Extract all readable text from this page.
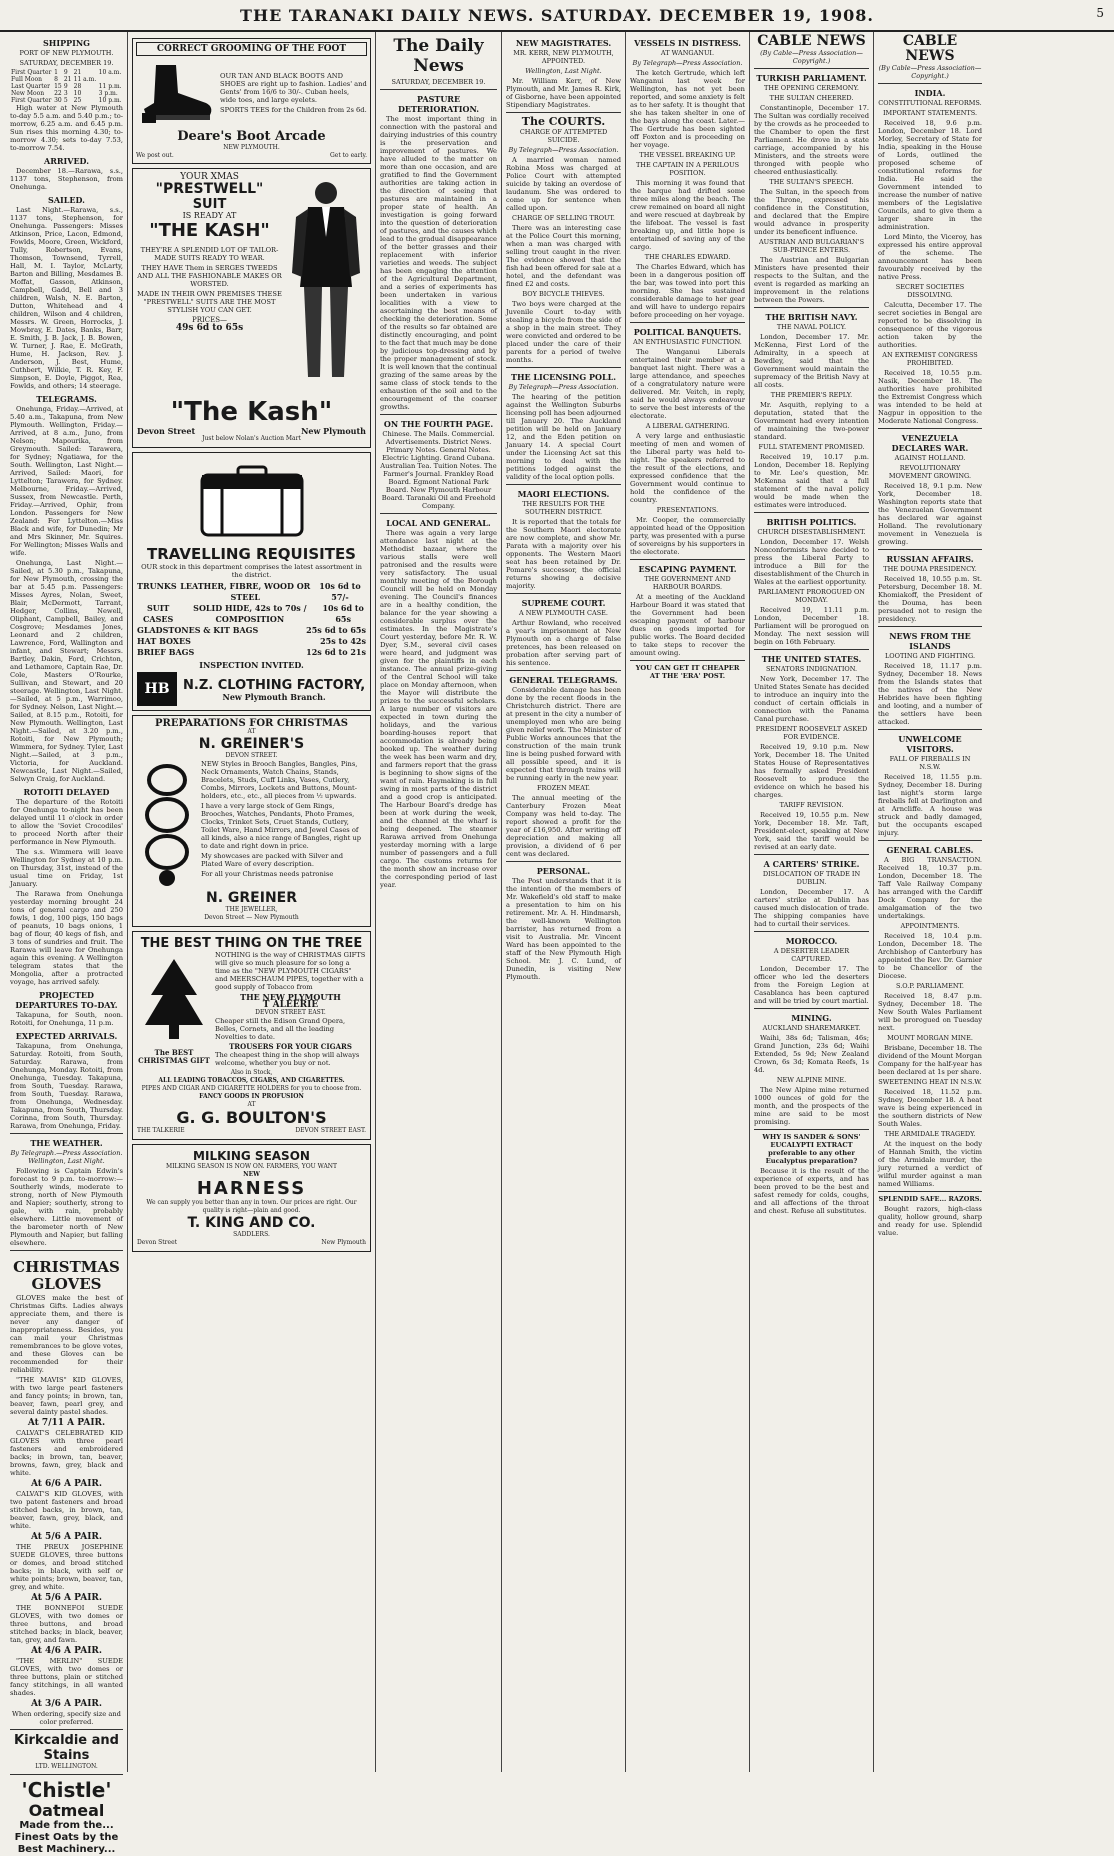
THE TARANAKI DAILY NEWS. SATURDAY. DECEMBER 19, 1908.	5
SHIPPING
PORT OF NEW PLYMOUTH.
SATURDAY, DECEMBER 19.
First Quarter	1	9	21	10 a.m.
Full Moon	8	21	11 a.m.	
Last Quarter	15	9	28	11 p.m.
New Moon	22	3	10	3 p.m.
First Quarter	30	5	25	10 p.m.

High water at New Plymouth to-day 5.5 a.m. and 5.40 p.m.; to-morrow, 6.25 a.m. and 6.45 p.m. Sun rises this morning 4.30; to-morrow 4.30; sets to-day 7.53, to-morrow 7.54.

ARRIVED.

December 18.—Rarawa, s.s., 1137 tons, Stephenson, from Onehunga.

SAILED.

Last Night.—Rarawa, s.s., 1137 tons, Stephenson, for Onehunga. Passengers: Misses Atkinson, Price, Lacon, Edmond, Fowlds, Moore, Green, Wickford, Tully, Robertson, Evans, Thomson, Townsend, Tyrrell, Hall, M. I. Taylor, McLarty, Barton and Billing, Mesdames B. Moffat, Gasson, Atkinson, Campbell, Gadd, Bell and 3 children, Walsh, N. E. Barton, Dutton, Whitehead and 4 children, Wilson and 4 children, Messrs. W. Green, Horrocks, J. Mowbray, E. Dates, Banks, Barr, E. Smith, J. B. Jack, J. B. Bowen, W. Turner, J. Rae, E. McGrath, Hume, H. Jackson, Rev. J. Anderson, J. Best, Hume, Cuthbert, Wilkie, T. R. Key, F. Simpson, E. Doyle, Piggot, Rea, Fowlds, and others; 14 steerage.

TELEGRAMS.

Onehunga, Friday.—Arrived, at 5.40 a.m., Takapuna, from New Plymouth. Wellington, Friday.—Arrived, at 8 a.m., Juno, from Nelson; Mapourika, from Greymouth. Sailed: Tarawera, for Sydney; Ngatiawa, for the South. Wellington, Last Night.—Arrived, Sailed: Maori, for Lyttelton; Tarawera, for Sydney. Melbourne, Friday.—Arrived, Sussex, from Newcastle. Perth, Friday.—Arrived, Ophir, from London. Passengers for New Zealand: For Lyttelton.—Miss Black and wife, for Dunedin; Mr and Mrs Skinner, Mr. Squires. For Wellington; Misses Walls and wife.

Onehunga, Last Night.—Sailed, at 5.30 p.m., Takapuna, for New Plymouth, crossing the bar at 5.45 p.m. Passengers: Misses Ayres, Nolan, Sweet, Blair, McDermott, Tarrant, Hedger, Collins, Newell, Oliphant, Campbell, Bailey, and Cosgrove; Mesdames Jones, Leonard and 2 children, Lawrence, Ford, Wallington and infant, and Stewart; Messrs. Bartley, Dakin, Ford, Crichton, and Lethamore, Captain Rae, Dr. Cole, Masters O'Rourke, Sullivan, and Stewart, and 20 steerage. Wellington, Last Night.—Sailed, at 5 p.m., Warrimoo, for Sydney. Nelson, Last Night.—Sailed, at 8.15 p.m., Rotoiti, for New Plymouth. Wellington, Last Night.—Sailed, at 3.20 p.m., Rotoiti, for New Plymouth; Wimmera, for Sydney. Tyler, Last Night.—Sailed, at 3 p.m., Victoria, for Auckland. Newcastle, Last Night.—Sailed, Selwyn Craig, for Auckland.

ROTOITI DELAYED

The departure of the Rotoiti for Onehunga to-night has been delayed until 11 o'clock in order to allow the 'Soviet Crocodiles' to proceed North after their performance in New Plymouth.

The s.s. Wimmera will leave Wellington for Sydney at 10 p.m. on Thursday, 31st, instead of the usual time on Friday, 1st January.

The Rarawa from Onehunga yesterday morning brought 24 tons of general cargo and 250 fowls, 1 dog, 100 pigs, 150 bags of peanuts, 10 bags onions, 1 bag of flour, 40 kegs of fish, and 3 tons of sundries and fruit. The Rarawa will leave for Onehunga again this evening. A Wellington telegram states that the Mongolia, after a protracted voyage, has arrived safely.

PROJECTED DEPARTURES TO-DAY.

Takapuna, for South, noon. Rotoiti, for Onehunga, 11 p.m.

EXPECTED ARRIVALS.

Takapuna, from Onehunga, Saturday. Rotoiti, from South, Saturday. Rarawa, from Onehunga, Monday. Rotoiti, from Onehunga, Tuesday. Takapuna, from South, Tuesday. Rarawa, from South, Tuesday. Rarawa, from Onehunga, Wednesday. Takapuna, from South, Thursday. Corinna, from South, Thursday. Rarawa, from Onehunga, Friday.

THE WEATHER.
By Telegraph.—Press Association. Wellington, Last Night.

Following is Captain Edwin's forecast to 9 p.m. to-morrow:—Southerly winds, moderate to strong, north of New Plymouth and Napier; southerly, strong to gale, with rain, probably elsewhere. Little movement of the barometer north of New Plymouth and Napier, but falling elsewhere.

CHRISTMAS GLOVES

GLOVES make the best of Christmas Gifts. Ladies always appreciate them, and there is never any danger of inappropriateness. Besides, you can mail your Christmas remembrances to be glove votes, and these Gloves can be recommended for their reliability.

"THE MAVIS" KID GLOVES, with two large pearl fasteners and fancy points; in brown, tan, beaver, fawn, pearl grey, and several dainty pastel shades.

At 7/11 A PAIR.

CALVAT'S CELEBRATED KID GLOVES with three pearl fasteners and embroidered backs; in brown, tan, beaver, browns, fawn, grey, black and white.

At 6/6 A PAIR.

CALVAT'S KID GLOVES, with two patent fasteners and broad stitched backs, in brown, tan, beaver, fawn, grey, black, and white.

At 5/6 A PAIR.

THE PREUX JOSEPHINE SUEDE GLOVES, three buttons or domes, and broad stitched backs; in black, with self or white points; brown, beaver, tan, grey, and white.

At 5/6 A PAIR.

THE BONNEFOI SUEDE GLOVES, with two domes or three buttons, and broad stitched backs; in black, beaver, tan, grey, and fawn.

At 4/6 A PAIR.

"THE MERLIN" SUEDE GLOVES, with two domes or three buttons, plain or stitched fancy stitchings, in all wanted shades.

At 3/6 A PAIR.

When ordering, specify size and color preferred.

Kirkcaldie and Stains
LTD. WELLINGTON.
'Chistle'
Oatmeal
Made from the...
Finest Oats by the
Best Machinery...
CORRECT GROOMING OF THE FOOT

OUR TAN AND BLACK BOOTS AND SHOES are right up to fashion. Ladies' and Gents' from 16/6 to 30/-. Cuban heels, wide toes, and large eyelets.

SPORTS TEES for the Children from 2s 6d.

Deare's Boot Arcade
NEW PLYMOUTH.
We post out.	Get to early.
YOUR XMAS
"PRESTWELL"
SUIT
IS READY AT
"THE KASH"

THEY'RE A SPLENDID LOT OF TAILOR-MADE SUITS READY TO WEAR.

THEY HAVE Them in SERGES TWEEDS AND ALL THE FASHIONABLE MAKES OR WORSTED.

MADE IN THEIR OWN PREMISES THESE "PRESTWELL" SUITS ARE THE MOST STYLISH YOU CAN GET.

PRICES—
49s 6d to 65s
"The Kash"
Devon Street	New Plymouth
Just below Nolan's Auction Mart
TRAVELLING REQUISITES

OUR stock in this department comprises the latest assortment in the district.

TRUNKS LEATHER, FIBRE, WOOD OR STEEL
10s 6d to 57/-
SUIT CASES
SOLID HIDE, 42s to 70s / COMPOSITION
10s 6d to 65s
GLADSTONES & KIT BAGS	25s 6d to 65s
HAT BOXES	25s to 42s
BRIEF BAGS	12s 6d to 21s
INSPECTION INVITED.
HB	N.Z. CLOTHING FACTORY,
New Plymouth Branch.
PREPARATIONS FOR CHRISTMAS
AT
N. GREINER'S
DEVON STREET.

NEW Styles in Brooch Bangles, Bangles, Pins, Neck Ornaments, Watch Chains, Stands, Bracelets, Studs, Cuff Links, Vases, Cutlery, Combs, Mirrors, Lockets and Buttons, Mount-holders, etc., etc., all pieces from ½ upwards.

I have a very large stock of Gem Rings, Brooches, Watches, Pendants, Photo Frames, Clocks, Trinket Sets, Cruet Stands, Cutlery, Toilet Ware, Hand Mirrors, and Jewel Cases of all kinds, also a nice range of Bangles, right up to date and right down in price.

My showcases are packed with Silver and Plated Ware of every description.

For all your Christmas needs patronise

N. GREINER
THE JEWELLER,
Devon Street — New Plymouth
THE BEST THING ON THE TREE
The BEST CHRISTMAS GIFT

NOTHING is the way of CHRISTMAS GIFTS will give so much pleasure for so long a time as the "NEW PLYMOUTH CIGARS" and MEERSCHAUM PIPES, together with a good supply of Tobacco from

THE NEW PLYMOUTH
T ALEERIE
DEVON STREET EAST.

Cheaper still the Edison Grand Opera, Belles, Cornets, and all the leading Novelties to date.

TROUSERS FOR YOUR CIGARS

The cheapest thing in the shop will always welcome, whether you buy or not.

Also in Stock,
ALL LEADING TOBACCOS, CIGARS, AND CIGARETTES.
PIPES AND CIGAR AND CIGARETTE HOLDERS for you to choose from.
FANCY GOODS IN PROFUSION
AT
G. G. BOULTON'S
THE TALKERIE	DEVON STREET EAST.
MILKING SEASON
MILKING SEASON IS NOW ON. FARMERS, YOU WANT
NEW
HARNESS
We can supply you better than any in town. Our prices are right. Our quality is right—plain and good.
T. KING AND CO.
SADDLERS.
Devon Street	New Plymouth
The Daily News
SATURDAY, DECEMBER 19.
PASTURE DETERIORATION.

The most important thing in connection with the pastoral and dairying industries of this country is the preservation and improvement of pastures. We have alluded to the matter on more than one occasion, and are gratified to find the Government authorities are taking action in the direction of seeing that pastures are maintained in a proper state of health. An investigation is going forward into the question of deterioration of pastures, and the causes which lead to the gradual disappearance of the better grasses and their replacement with inferior varieties and weeds. The subject has been engaging the attention of the Agricultural Department, and a series of experiments has been undertaken in various localities with a view to ascertaining the best means of checking the deterioration. Some of the results so far obtained are distinctly encouraging, and point to the fact that much may be done by judicious top-dressing and by the proper management of stock. It is well known that the continual grazing of the same areas by the same class of stock tends to the exhaustion of the soil and to the encouragement of the coarser growths.

ON THE FOURTH PAGE.

Chinese. The Mails. Commercial. Advertisements. District News. Primary Notes. General Notes. Electric Lighting. Grand Cubana. Australian Tea. Tuition Notes. The Farmer's Journal. Frankley Road Board. Egmont National Park Board. New Plymouth Harbour Board. Taranaki Oil and Freehold Company.

LOCAL AND GENERAL.

There was again a very large attendance last night at the Methodist bazaar, where the various stalls were well patronised and the results were very satisfactory. The usual monthly meeting of the Borough Council will be held on Monday evening. The Council's finances are in a healthy condition, the balance for the year showing a considerable surplus over the estimates. In the Magistrate's Court yesterday, before Mr. R. W. Dyer, S.M., several civil cases were heard, and judgment was given for the plaintiffs in each instance. The annual prize-giving of the Central School will take place on Monday afternoon, when the Mayor will distribute the prizes to the successful scholars. A large number of visitors are expected in town during the holidays, and the various boarding-houses report that accommodation is already being booked up. The weather during the week has been warm and dry, and farmers report that the grass is beginning to show signs of the want of rain. Haymaking is in full swing in most parts of the district and a good crop is anticipated. The Harbour Board's dredge has been at work during the week, and the channel at the wharf is being deepened. The steamer Rarawa arrived from Onehunga yesterday morning with a large number of passengers and a full cargo. The customs returns for the month show an increase over the corresponding period of last year.

NEW MAGISTRATES.
MR. KERR, NEW PLYMOUTH, APPOINTED.
Wellington, Last Night.

Mr. William Kerr, of New Plymouth, and Mr. James R. Kirk, of Gisborne, have been appointed Stipendiary Magistrates.

The COURTS.
CHARGE OF ATTEMPTED SUICIDE.
By Telegraph—Press Association.

A married woman named Robina Moss was charged at Police Court with attempted suicide by taking an overdose of laudanum. She was ordered to come up for sentence when called upon.

CHARGE OF SELLING TROUT.

There was an interesting case at the Police Court this morning, when a man was charged with selling trout caught in the river. The evidence showed that the fish had been offered for sale at a hotel, and the defendant was fined £2 and costs.

BOY BICYCLE THIEVES.

Two boys were charged at the Juvenile Court to-day with stealing a bicycle from the side of a shop in the main street. They were convicted and ordered to be placed under the care of their parents for a period of twelve months.

THE LICENSING POLL.
By Telegraph—Press Association.

The hearing of the petition against the Wellington Suburbs licensing poll has been adjourned till January 20. The Auckland petition will be held on January 12, and the Eden petition on January 14. A special Court under the Licensing Act sat this morning to deal with the petitions lodged against the validity of the local option polls.

MAORI ELECTIONS.
THE RESULTS FOR THE SOUTHERN DISTRICT.

It is reported that the totals for the Southern Maori electorate are now complete, and show Mr. Parata with a majority over his opponents. The Western Maori seat has been retained by Dr. Pomare's successor, the official returns showing a decisive majority.

SUPREME COURT.
A NEW PLYMOUTH CASE.

Arthur Rowland, who received a year's imprisonment at New Plymouth on a charge of false pretences, has been released on probation after serving part of his sentence.

GENERAL TELEGRAMS.

Considerable damage has been done by the recent floods in the Christchurch district. There are at present in the city a number of unemployed men who are being given relief work. The Minister of Public Works announces that the construction of the main trunk line is being pushed forward with all possible speed, and it is expected that through trains will be running early in the new year.

FROZEN MEAT.

The annual meeting of the Canterbury Frozen Meat Company was held to-day. The report showed a profit for the year of £16,950. After writing off depreciation and making all provision, a dividend of 6 per cent was declared.

PERSONAL.

The Post understands that it is the intention of the members of Mr. Wakefield's old staff to make a presentation to him on his retirement. Mr. A. H. Hindmarsh, the well-known Wellington barrister, has returned from a visit to Australia. Mr. Vincent Ward has been appointed to the staff of the New Plymouth High School. Mr. J. C. Lund, of Dunedin, is visiting New Plymouth.

VESSELS IN DISTRESS.
AT WANGANUI.
By Telegraph—Press Association.

The ketch Gertrude, which left Wanganui last week for Wellington, has not yet been reported, and some anxiety is felt as to her safety. It is thought that she has taken shelter in one of the bays along the coast. Later.—The Gertrude has been sighted off Foxton and is proceeding on her voyage.

THE VESSEL BREAKING UP.
THE CAPTAIN IN A PERILOUS POSITION.

This morning it was found that the barque had drifted some three miles along the beach. The crew remained on board all night and were rescued at daybreak by the lifeboat. The vessel is fast breaking up, and little hope is entertained of saving any of the cargo.

THE CHARLES EDWARD.

The Charles Edward, which has been in a dangerous position off the bar, was towed into port this morning. She has sustained considerable damage to her gear and will have to undergo repairs before proceeding on her voyage.

POLITICAL BANQUETS.
AN ENTHUSIASTIC FUNCTION.

The Wanganui Liberals entertained their member at a banquet last night. There was a large attendance, and speeches of a congratulatory nature were delivered. Mr. Veitch, in reply, said he would always endeavour to serve the best interests of the electorate.

A LIBERAL GATHERING.

A very large and enthusiastic meeting of men and women of the Liberal party was held to-night. The speakers referred to the result of the elections, and expressed confidence that the Government would continue to hold the confidence of the country.

PRESENTATIONS.

Mr. Cooper, the commercially appointed head of the Opposition party, was presented with a purse of sovereigns by his supporters in the electorate.

ESCAPING PAYMENT.
THE GOVERNMENT AND HARBOUR BOARDS.

At a meeting of the Auckland Harbour Board it was stated that the Government had been escaping payment of harbour dues on goods imported for public works. The Board decided to take steps to recover the amount owing.

YOU CAN GET IT CHEAPER AT THE 'ERA' POST.

CABLE NEWS
(By Cable—Press Association—Copyright.)
TURKISH PARLIAMENT.
THE OPENING CEREMONY.
THE SULTAN CHEERED.

Constantinople, December 17. The Sultan was cordially received by the crowds as he proceeded to the Chamber to open the first Parliament. He drove in a state carriage, accompanied by his Ministers, and the streets were thronged with people who cheered enthusiastically.

THE SULTAN'S SPEECH.

The Sultan, in the speech from the Throne, expressed his confidence in the Constitution, and declared that the Empire would advance in prosperity under its beneficent influence.

AUSTRIAN AND BULGARIAN'S SUB-PRINCE ENTERS.

The Austrian and Bulgarian Ministers have presented their respects to the Sultan, and the event is regarded as marking an improvement in the relations between the Powers.

THE BRITISH NAVY.
THE NAVAL POLICY.

London, December 17. Mr. McKenna, First Lord of the Admiralty, in a speech at Bewdley, said that the Government would maintain the supremacy of the British Navy at all costs.

THE PREMIER'S REPLY.

Mr. Asquith, replying to a deputation, stated that the Government had every intention of maintaining the two-power standard.

FULL STATEMENT PROMISED.

Received 19, 10.17 p.m. London, December 18. Replying to Mr. Lee's question, Mr. McKenna said that a full statement of the naval policy would be made when the estimates were introduced.

BRITISH POLITICS.
CHURCH DISESTABLISHMENT.

London, December 17. Welsh Nonconformists have decided to press the Liberal Party to introduce a Bill for the disestablishment of the Church in Wales at the earliest opportunity.

PARLIAMENT PROROGUED ON MONDAY.

Received 19, 11.11 p.m. London, December 18. Parliament will be prorogued on Monday. The next session will begin on 16th February.

THE UNITED STATES.
SENATORS INDIGNATION.

New York, December 17. The United States Senate has decided to introduce an inquiry into the conduct of certain officials in connection with the Panama Canal purchase.

PRESIDENT ROOSEVELT ASKED FOR EVIDENCE.

Received 19, 9.10 p.m. New York, December 18. The United States House of Representatives has formally asked President Roosevelt to produce the evidence on which he based his charges.

TARIFF REVISION.

Received 19, 10.55 p.m. New York, December 18. Mr. Taft, President-elect, speaking at New York, said the tariff would be revised at an early date.

A CARTERS' STRIKE.
DISLOCATION OF TRADE IN DUBLIN.

London, December 17. A carters' strike at Dublin has caused much dislocation of trade. The shipping companies have had to curtail their services.

MOROCCO.
A DESERTER LEADER CAPTURED.

London, December 17. The officer who led the deserters from the Foreign Legion at Casablanca has been captured and will be tried by court martial.

MINING.
AUCKLAND SHAREMARKET.

Waihi, 38s 6d; Talisman, 46s; Grand Junction, 23s 6d; Waihi Extended, 5s 9d; New Zealand Crown, 6s 3d; Komata Reefs, 1s 4d.

NEW ALPINE MINE.

The New Alpine mine returned 1000 ounces of gold for the month, and the prospects of the mine are said to be most promising.

WHY IS SANDER & SONS' EUCALYPTI EXTRACT preferable to any other Eucalyptus preparation?

Because it is the result of the experience of experts, and has been proved to be the best and safest remedy for colds, coughs, and all affections of the throat and chest. Refuse all substitutes.

CABLE NEWS
(By Cable—Press Association—Copyright.)
INDIA.
CONSTITUTIONAL REFORMS.
IMPORTANT STATEMENTS.

Received 18, 9.6 p.m. London, December 18. Lord Morley, Secretary of State for India, speaking in the House of Lords, outlined the proposed scheme of constitutional reforms for India. He said the Government intended to increase the number of native members of the Legislative Councils, and to give them a larger share in the administration.

Lord Minto, the Viceroy, has expressed his entire approval of the scheme. The announcement has been favourably received by the native Press.

SECRET SOCIETIES DISSOLVING.

Calcutta, December 17. The secret societies in Bengal are reported to be dissolving in consequence of the vigorous action taken by the authorities.

AN EXTREMIST CONGRESS PROHIBITED.

Received 18, 10.55 p.m. Nasik, December 18. The authorities have prohibited the Extremist Congress which was intended to be held at Nagpur in opposition to the Moderate National Congress.

VENEZUELA DECLARES WAR.
AGAINST HOLLAND.
REVOLUTIONARY MOVEMENT GROWING.

Received 18, 9.1 p.m. New York, December 18. Washington reports state that the Venezuelan Government has declared war against Holland. The revolutionary movement in Venezuela is growing.

RUSSIAN AFFAIRS.
THE DOUMA PRESIDENCY.

Received 18, 10.55 p.m. St. Petersburg, December 18. M. Khomiakoff, the President of the Douma, has been persuaded not to resign the presidency.

NEWS FROM THE ISLANDS
LOOTING AND FIGHTING.

Received 18, 11.17 p.m. Sydney, December 18. News from the Islands states that the natives of the New Hebrides have been fighting and looting, and a number of the settlers have been attacked.

UNWELCOME VISITORS.
FALL OF FIREBALLS IN N.S.W.

Received 18, 11.55 p.m. Sydney, December 18. During last night's storm large fireballs fell at Darlington and at Arncliffe. A house was struck and badly damaged, but the occupants escaped injury.

GENERAL CABLES.

A BIG TRANSACTION. Received 18, 10.37 p.m. London, December 18. The Taff Vale Railway Company has arranged with the Cardiff Dock Company for the amalgamation of the two undertakings.

APPOINTMENTS.

Received 18, 10.4 p.m. London, December 18. The Archbishop of Canterbury has appointed the Rev. Dr. Garnier to be Chancellor of the Diocese.

S.O.P. PARLIAMENT.

Received 18, 8.47 p.m. Sydney, December 18. The New South Wales Parliament will be prorogued on Tuesday next.

MOUNT MORGAN MINE.

Brisbane, December 18. The dividend of the Mount Morgan Company for the half-year has been declared at 1s per share.

SWEETENING HEAT IN N.S.W.

Received 18, 11.52 p.m. Sydney, December 18. A heat wave is being experienced in the southern districts of New South Wales.

THE ARMIDALE TRAGEDY.

At the inquest on the body of Hannah Smith, the victim of the Armidale murder, the jury returned a verdict of wilful murder against a man named Williams.

SPLENDID SAFE... RAZORS.

Bought razors, high-class quality, hollow ground, sharp and ready for use. Splendid value.
